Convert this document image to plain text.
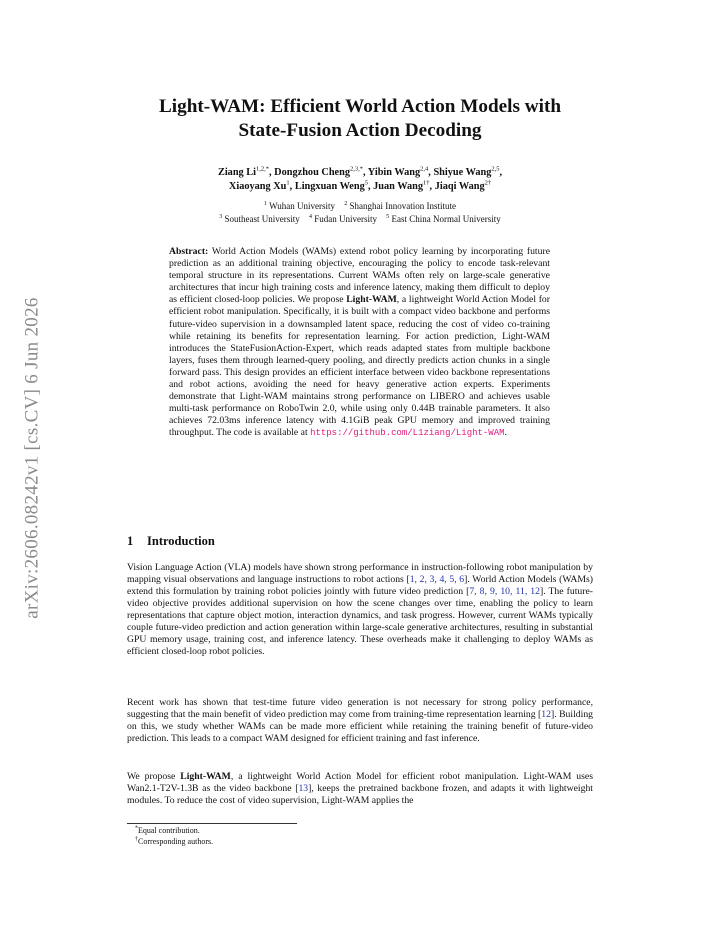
arXiv:2606.08242v1 [cs.CV] 6 Jun 2026
Light-WAM: Efficient World Action Models with
State-Fusion Action Decoding
Ziang $Li^{1,2,*}$, Dongzhou Cheng$^{2,3,*}$, Yibin Wang$^{2,4}$, Shiyue Wang$^{2,5}$,
Xiaoyang Xu$^1$, Lingxuan Weng$^5$, Juan Wang$^{1\dagger}$, Jiaqi Wang$^{2\dagger}$
$^1$ Wuhan University $^2$ Shanghai Innovation Institute
$^3$ Southeast University $^4$ Fudan University $^5$ East China Normal University

Abstract: World Action Models (WAMs) extend robot policy learning by incorporating future prediction as an additional training objective, encouraging the policy to encode task-relevant temporal structure in its representations. Current WAMs often rely on large-scale generative architectures that incur high training costs and inference latency, making them difficult to deploy as efficient closed-loop policies. We propose Light-WAM, a lightweight World Action Model for efficient robot manipulation. Specifically, it is built with a compact video backbone and performs future-video supervision in a downsampled latent space, reducing the cost of video co-training while retaining its benefits for representation learning. For action prediction, Light-WAM introduces the StateFusionAction-Expert, which reads adapted states from multiple backbone layers, fuses them through learned-query pooling, and directly predicts action chunks in a single forward pass. This design provides an efficient interface between video backbone representations and robot actions, avoiding the need for heavy generative action experts. Experiments demonstrate that Light-WAM maintains strong performance on LIBERO and achieves usable multi-task performance on RoboTwin 2.0, while using only 0.44B trainable parameters. It also achieves 72.03ms inference latency with 4.1GiB peak GPU memory and improved training throughput. The code is available at https://github.com/L1ziang/Light-WAM.

1 Introduction

Vision Language Action (VLA) models have shown strong performance in instruction-following robot manipulation by mapping visual observations and language instructions to robot actions [1, 2, 3, 4, 5, 6]. World Action Models (WAMs) extend this formulation by training robot policies jointly with future video prediction [7, 8, 9, 10, 11, 12]. The future-video objective provides additional supervision on how the scene changes over time, enabling the policy to learn representations that capture object motion, interaction dynamics, and task progress. However, current WAMs typically couple future-video prediction and action generation within large-scale generative architectures, resulting in substantial GPU memory usage, training cost, and inference latency. These overheads make it challenging to deploy WAMs as efficient closed-loop robot policies.

Recent work has shown that test-time future video generation is not necessary for strong policy performance, suggesting that the main benefit of video prediction may come from training-time representation learning [12]. Building on this, we study whether WAMs can be made more efficient while retaining the training benefit of future-video prediction. This leads to a compact WAM designed for efficient training and fast inference.

We propose Light-WAM, a lightweight World Action Model for efficient robot manipulation. Light-WAM uses Wan2.1-T2V-1.3B as the video backbone [13], keeps the pretrained backbone frozen, and adapts it with lightweight modules. To reduce the cost of video supervision, Light-WAM applies the

*Equal contribution.
†Corresponding authors.
